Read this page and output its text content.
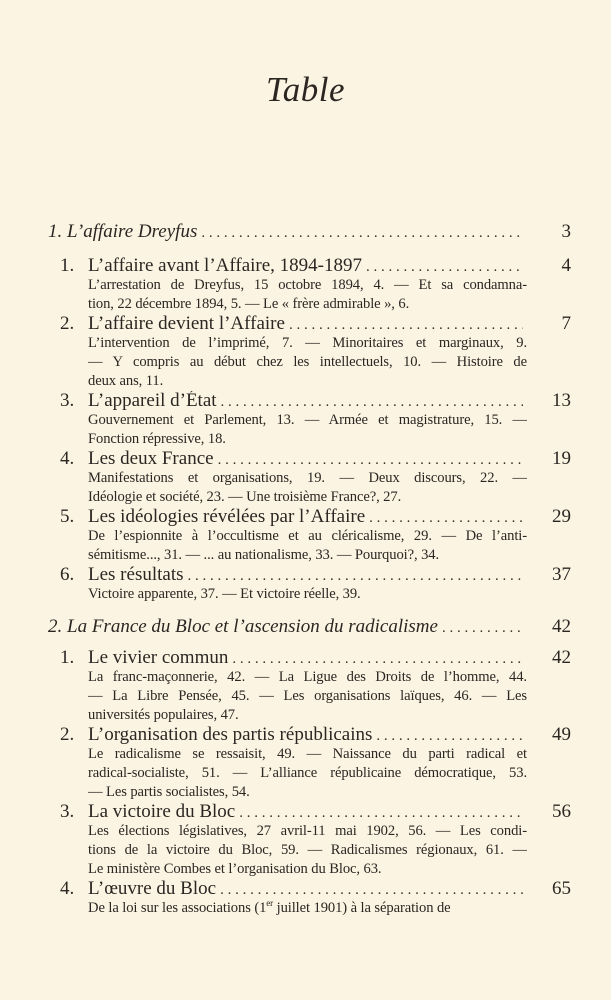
Table
1. L’affaire Dreyfus . . .	3
1. L’affaire avant l’Affaire, 1894-1897 . . .	4
L’arrestation de Dreyfus, 15 octobre 1894, 4. — Et sa condamna-
tion, 22 décembre 1894, 5. — Le « frère admirable », 6.
2. L’affaire devient l’Affaire . . .	7
L’intervention de l’imprimé, 7. — Minoritaires et marginaux, 9.
— Y compris au début chez les intellectuels, 10. — Histoire de
deux ans, 11.
3. L’appareil d’État . . .	13
Gouvernement et Parlement, 13. — Armée et magistrature, 15. —
Fonction répressive, 18.
4. Les deux France . . .	19
Manifestations et organisations, 19. — Deux discours, 22. —
Idéologie et société, 23. — Une troisième France?, 27.
5. Les idéologies révélées par l’Affaire . . .	29
De l’espionnite à l’occultisme et au cléricalisme, 29. — De l’anti-
sémitisme..., 31. — ... au nationalisme, 33. — Pourquoi?, 34.
6. Les résultats . . .	37
Victoire apparente, 37. — Et victoire réelle, 39.
2. La France du Bloc et l’ascension du radicalisme . . .	42
1. Le vivier commun . . .	42
La franc-maçonnerie, 42. — La Ligue des Droits de l’homme, 44.
— La Libre Pensée, 45. — Les organisations laïques, 46. — Les
universités populaires, 47.
2. L’organisation des partis républicains . . .	49
Le radicalisme se ressaisit, 49. — Naissance du parti radical et
radical-socialiste, 51. — L’alliance républicaine démocratique, 53.
— Les partis socialistes, 54.
3. La victoire du Bloc . . .	56
Les élections législatives, 27 avril-11 mai 1902, 56. — Les condi-
tions de la victoire du Bloc, 59. — Radicalismes régionaux, 61. —
Le ministère Combes et l’organisation du Bloc, 63.
4. L’œuvre du Bloc . . .	65
De la loi sur les associations (1er juillet 1901) à la séparation de
